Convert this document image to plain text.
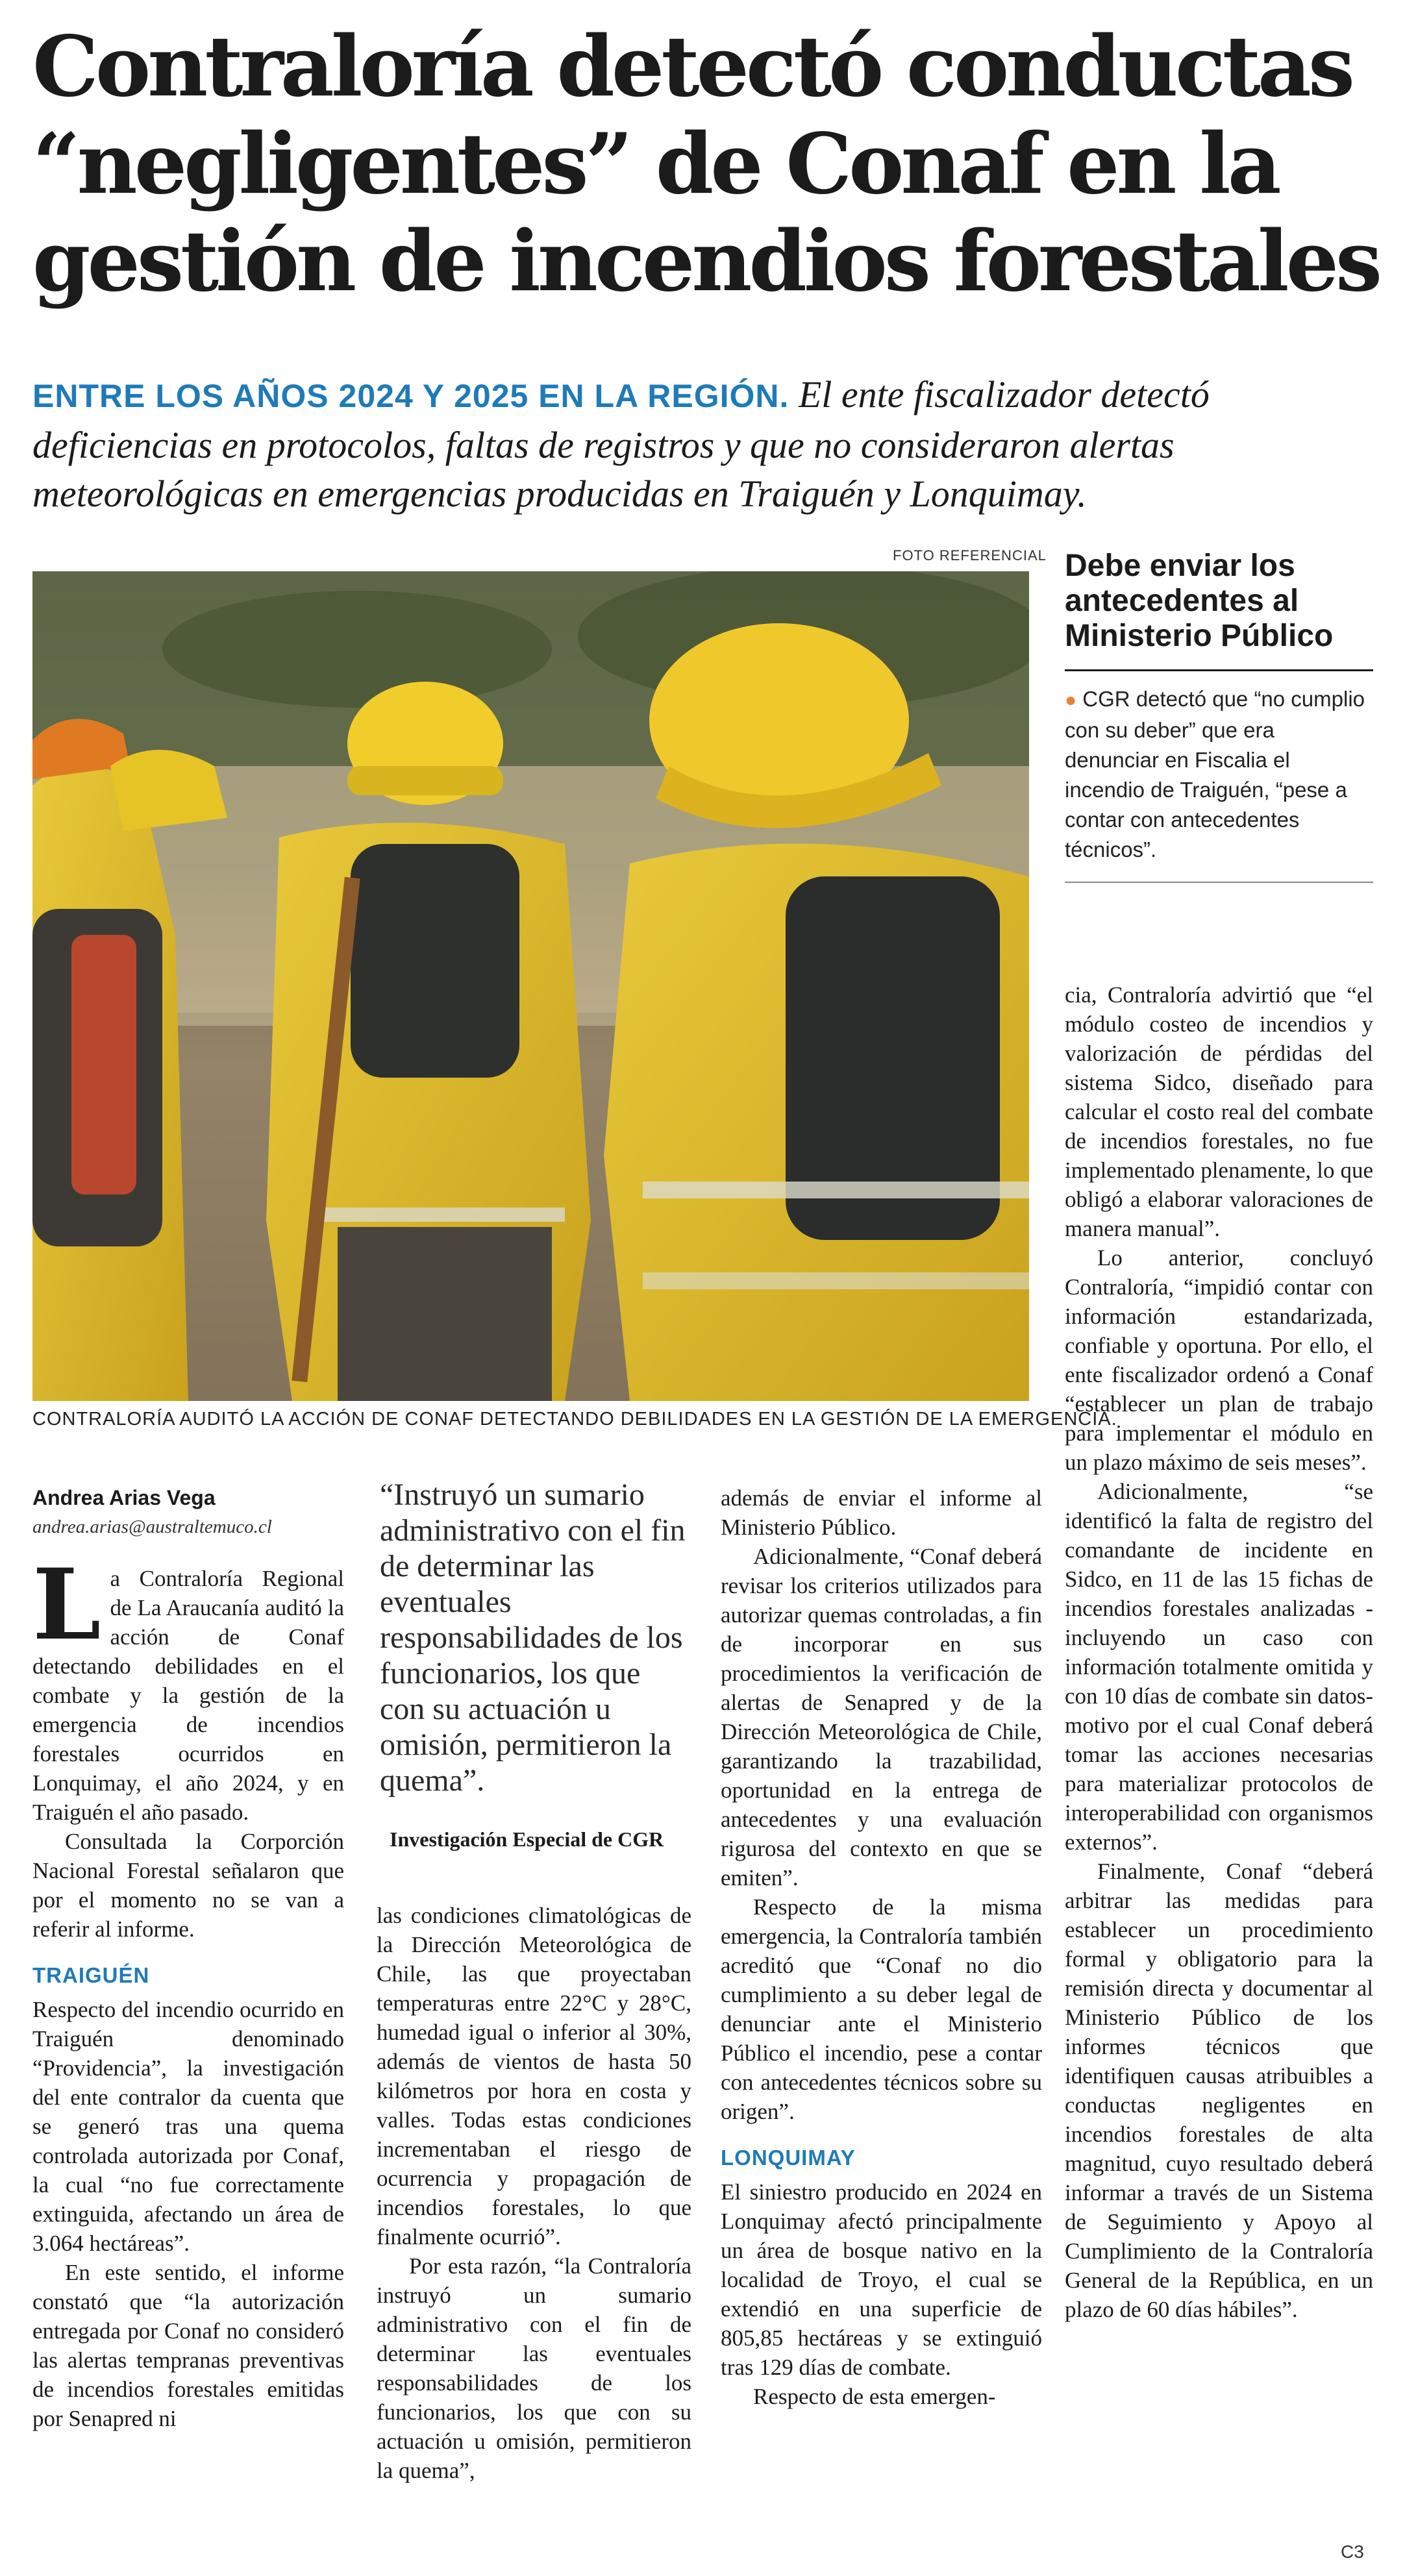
Contraloría detectó conductas
“negligentes” de Conaf en la
gestión de incendios forestales
ENTRE LOS AÑOS 2024 Y 2025 EN LA REGIÓN. El ente fiscalizador detectó deficiencias en protocolos, faltas de registros y que no consideraron alertas meteorológicas en emergencias producidas en Traiguén y Lonquimay.
FOTO REFERENCIAL
CONTRALORÍA AUDITÓ LA ACCIÓN DE CONAF DETECTANDO DEBILIDADES EN LA GESTIÓN DE LA EMERGENCIA.
Debe enviar los antecedentes al Ministerio Público
● CGR detectó que “no cumplio con su deber” que era denunciar en Fiscalia el incendio de Traiguén, “pese a contar con antecedentes técnicos”.
Andrea Arias Vega
andrea.arias@australtemuco.cl

La Contraloría Regional de La Araucanía auditó la acción de Conaf detectando debilidades en el combate y la gestión de la emergencia de incendios forestales ocurridos en Lonquimay, el año 2024, y en Traiguén el año pasado.

Consultada la Corporción Nacional Forestal señalaron que por el momento no se van a referir al informe.

TRAIGUÉN

Respecto del incendio ocurrido en Traiguén denominado “Providencia”, la investigación del ente contralor da cuenta que se generó tras una quema controlada autorizada por Conaf, la cual “no fue correctamente extinguida, afectando un área de 3.064 hectáreas”.

En este sentido, el informe constató que “la autorización entregada por Conaf no consideró las alertas tempranas preventivas de incendios forestales emitidas por Senapred ni

“Instruyó un sumario administrativo con el fin de determinar las eventuales responsabilidades de los funcionarios, los que con su actuación u omisión, permitieron la quema”.
Investigación Especial de CGR

las condiciones climatológicas de la Dirección Meteorológica de Chile, las que proyectaban temperaturas entre 22°C y 28°C, humedad igual o inferior al 30%, además de vientos de hasta 50 kilómetros por hora en costa y valles. Todas estas condiciones incrementaban el riesgo de ocurrencia y propagación de incendios forestales, lo que finalmente ocurrió”.

Por esta razón, “la Contraloría instruyó un sumario administrativo con el fin de determinar las eventuales responsabilidades de los funcionarios, los que con su actuación u omisión, permitieron la quema”,

además de enviar el informe al Ministerio Público.

Adicionalmente, “Conaf deberá revisar los criterios utilizados para autorizar quemas controladas, a fin de incorporar en sus procedimientos la verificación de alertas de Senapred y de la Dirección Meteorológica de Chile, garantizando la trazabilidad, oportunidad en la entrega de antecedentes y una evaluación rigurosa del contexto en que se emiten”.

Respecto de la misma emergencia, la Contraloría también acreditó que “Conaf no dio cumplimiento a su deber legal de denunciar ante el Ministerio Público el incendio, pese a contar con antecedentes técnicos sobre su origen”.

LONQUIMAY

El siniestro producido en 2024 en Lonquimay afectó principalmente un área de bosque nativo en la localidad de Troyo, el cual se extendió en una superficie de 805,85 hectáreas y se extinguió tras 129 días de combate.

Respecto de esta emergen-

cia, Contraloría advirtió que “el módulo costeo de incendios y valorización de pérdidas del sistema Sidco, diseñado para calcular el costo real del combate de incendios forestales, no fue implementado plenamente, lo que obligó a elaborar valoraciones de manera manual”.

Lo anterior, concluyó Contraloría, “impidió contar con información estandarizada, confiable y oportuna. Por ello, el ente fiscalizador ordenó a Conaf “establecer un plan de trabajo para implementar el módulo en un plazo máximo de seis meses”.

Adicionalmente, “se identificó la falta de registro del comandante de incidente en Sidco, en 11 de las 15 fichas de incendios forestales analizadas -incluyendo un caso con información totalmente omitida y con 10 días de combate sin datos- motivo por el cual Conaf deberá tomar las acciones necesarias para materializar protocolos de interoperabilidad con organismos externos”.

Finalmente, Conaf “deberá arbitrar las medidas para establecer un procedimiento formal y obligatorio para la remisión directa y documentar al Ministerio Público de los informes técnicos que identifiquen causas atribuibles a conductas negligentes en incendios forestales de alta magnitud, cuyo resultado deberá informar a través de un Sistema de Seguimiento y Apoyo al Cumplimiento de la Contraloría General de la República, en un plazo de 60 días hábiles”.

C3
